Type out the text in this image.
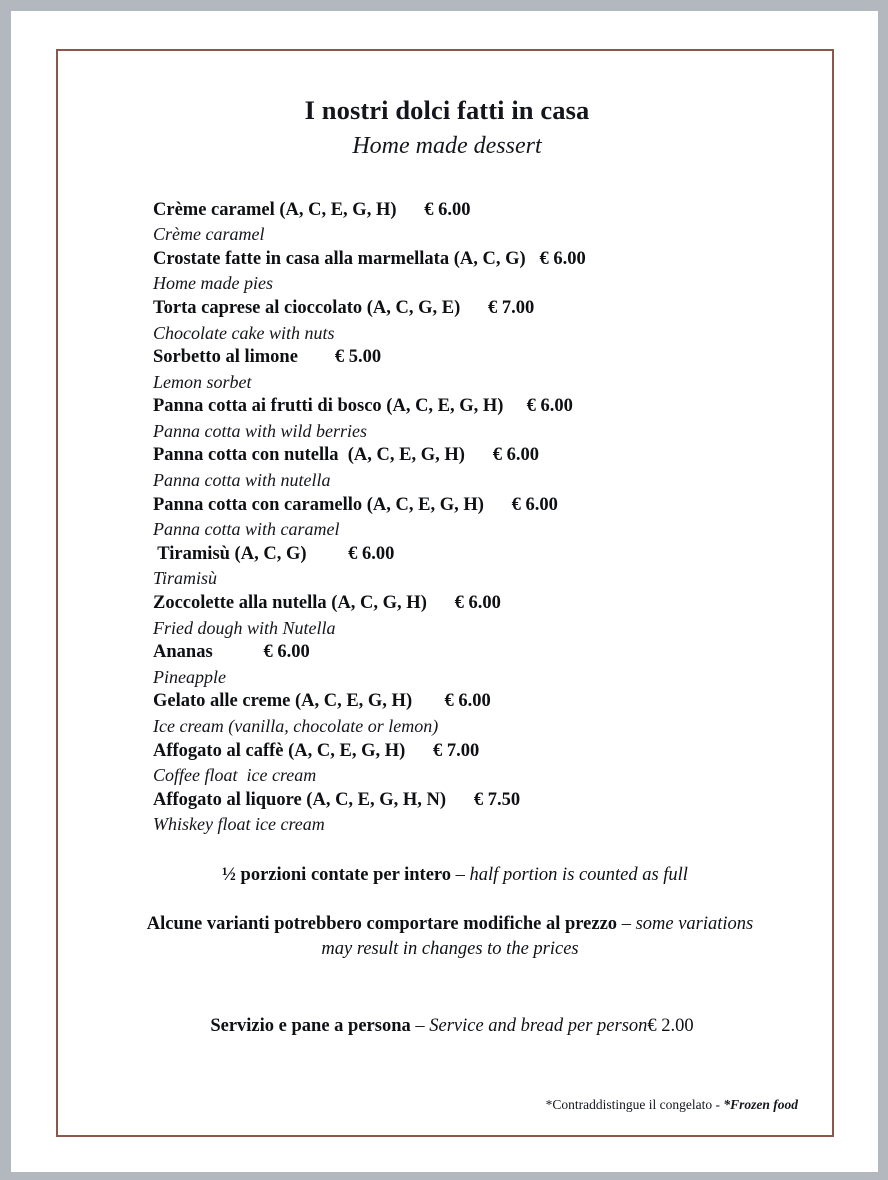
I nostri dolci fatti in casa
Home made dessert
Crème caramel (A, C, E, G, H) € 6.00
Crème caramel
Crostate fatte in casa alla marmellata (A, C, G) € 6.00
Home made pies
Torta caprese al cioccolato (A, C, G, E) € 7.00
Chocolate cake with nuts
Sorbetto al limone € 5.00
Lemon sorbet
Panna cotta ai frutti di bosco (A, C, E, G, H) € 6.00
Panna cotta with wild berries
Panna cotta con nutella  (A, C, E, G, H) € 6.00
Panna cotta with nutella
Panna cotta con caramello (A, C, E, G, H) € 6.00
Panna cotta with caramel
Tiramisù (A, C, G) € 6.00
Tiramisù
Zoccolette alla nutella (A, C, G, H) € 6.00
Fried dough with Nutella
Ananas	€ 6.00
Pineapple
Gelato alle creme (A, C, E, G, H) € 6.00
Ice cream (vanilla, chocolate or lemon)
Affogato al caffè (A, C, E, G, H) € 7.00
Coffee float  ice cream
Affogato al liquore (A, C, E, G, H, N) € 7.50
Whiskey float ice cream
½ porzioni contate per intero – half portion is counted as full
Alcune varianti potrebbero comportare modifiche al prezzo – some variations
may result in changes to the prices
Servizio e pane a persona – Service and bread per person€ 2.00
*Contraddistingue il congelato - *Frozen food
